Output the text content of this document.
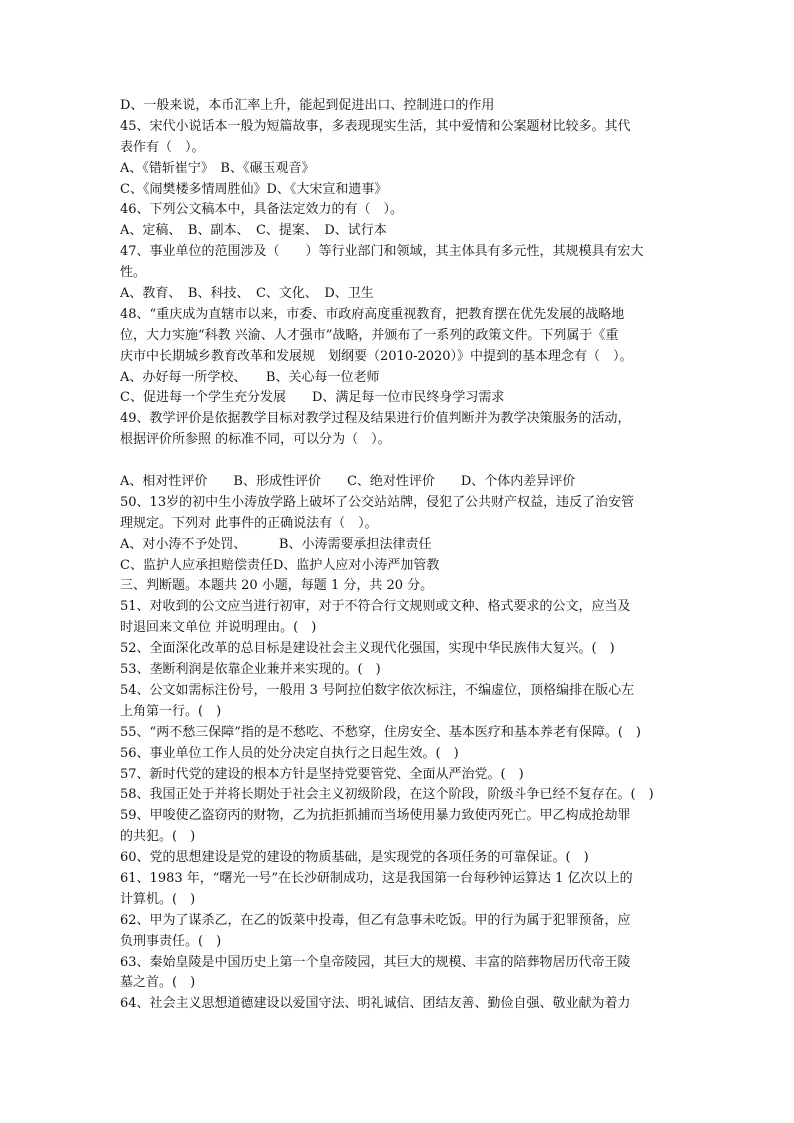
D、一般来说，本币汇率上升，能起到促进出口、控制进口的作用
45、宋代小说话本一般为短篇故事，多表现现实生活，其中爱情和公案题材比较多。其代
表作有（　）。
A、《错斩崔宁》　B、《碾玉观音》
C、《闹樊楼多情周胜仙》D、《大宋宣和遗事》
46、下列公文稿本中，具备法定效力的有（　）。
A、定稿、　B、副本、　C、提案、　D、试行本
47、事业单位的范围涉及（　　）等行业部门和领域，其主体具有多元性，其规模具有宏大
性。
A、教育、　B、科技、　C、文化、　D、卫生
48、“重庆成为直辖市以来，市委、市政府高度重视教育，把教育摆在优先发展的战略地
位，大力实施“科教 兴渝、人才强市”战略，并颁布了一系列的政策文件。下列属于《重
庆市中长期城乡教育改革和发展规　划纲要（2010-2020）》中提到的基本理念有（　）。
A、办好每一所学校、　　B、关心每一位老师
C、促进每一个学生充分发展　　D、满足每一位市民终身学习需求
49、教学评价是依据教学目标对教学过程及结果进行价值判断并为教学决策服务的活动，
根据评价所参照 的标准不同，可以分为（　）。
A、相对性评价　　B、形成性评价　　C、绝对性评价　　D、个体内差异评价
50、13岁的初中生小涛放学路上破坏了公交站站牌，侵犯了公共财产权益，违反了治安管
理规定。下列对 此事件的正确说法有（　）。
A、对小涛不予处罚、　　　B、小涛需要承担法律责任
C、监护人应承担赔偿责任D、监护人应对小涛严加管教
三、判断题。本题共 20 小题，每题 1 分，共 20 分。
51、对收到的公文应当进行初审，对于不符合行文规则或文种、格式要求的公文，应当及
时退回来文单位 并说明理由。(　)
52、全面深化改革的总目标是建设社会主义现代化强国，实现中华民族伟大复兴。(　)
53、垄断利润是依靠企业兼并来实现的。(　)
54、公文如需标注份号，一般用 3 号阿拉伯数字依次标注，不编虚位，顶格编排在版心左
上角第一行。(　)
55、“两不愁三保障”指的是不愁吃、不愁穿，住房安全、基本医疗和基本养老有保障。(　)
56、事业单位工作人员的处分决定自执行之日起生效。(　)
57、新时代党的建设的根本方针是坚持党要管党、全面从严治党。(　)
58、我国正处于并将长期处于社会主义初级阶段，在这个阶段，阶级斗争已经不复存在。(　)
59、甲唆使乙盗窃丙的财物，乙为抗拒抓捕而当场使用暴力致使丙死亡。甲乙构成抢劫罪
的共犯。(　)
60、党的思想建设是党的建设的物质基础，是实现党的各项任务的可靠保证。(　)
61、1983 年，“曙光一号”在长沙研制成功，这是我国第一台每秒钟运算达 1 亿次以上的
计算机。(　)
62、甲为了谋杀乙，在乙的饭菜中投毒，但乙有急事未吃饭。甲的行为属于犯罪预备，应
负刑事责任。(　)
63、秦始皇陵是中国历史上第一个皇帝陵园，其巨大的规模、丰富的陪葬物居历代帝王陵
墓之首。(　)
64、社会主义思想道德建设以爱国守法、明礼诚信、团结友善、勤俭自强、敬业献为着力
